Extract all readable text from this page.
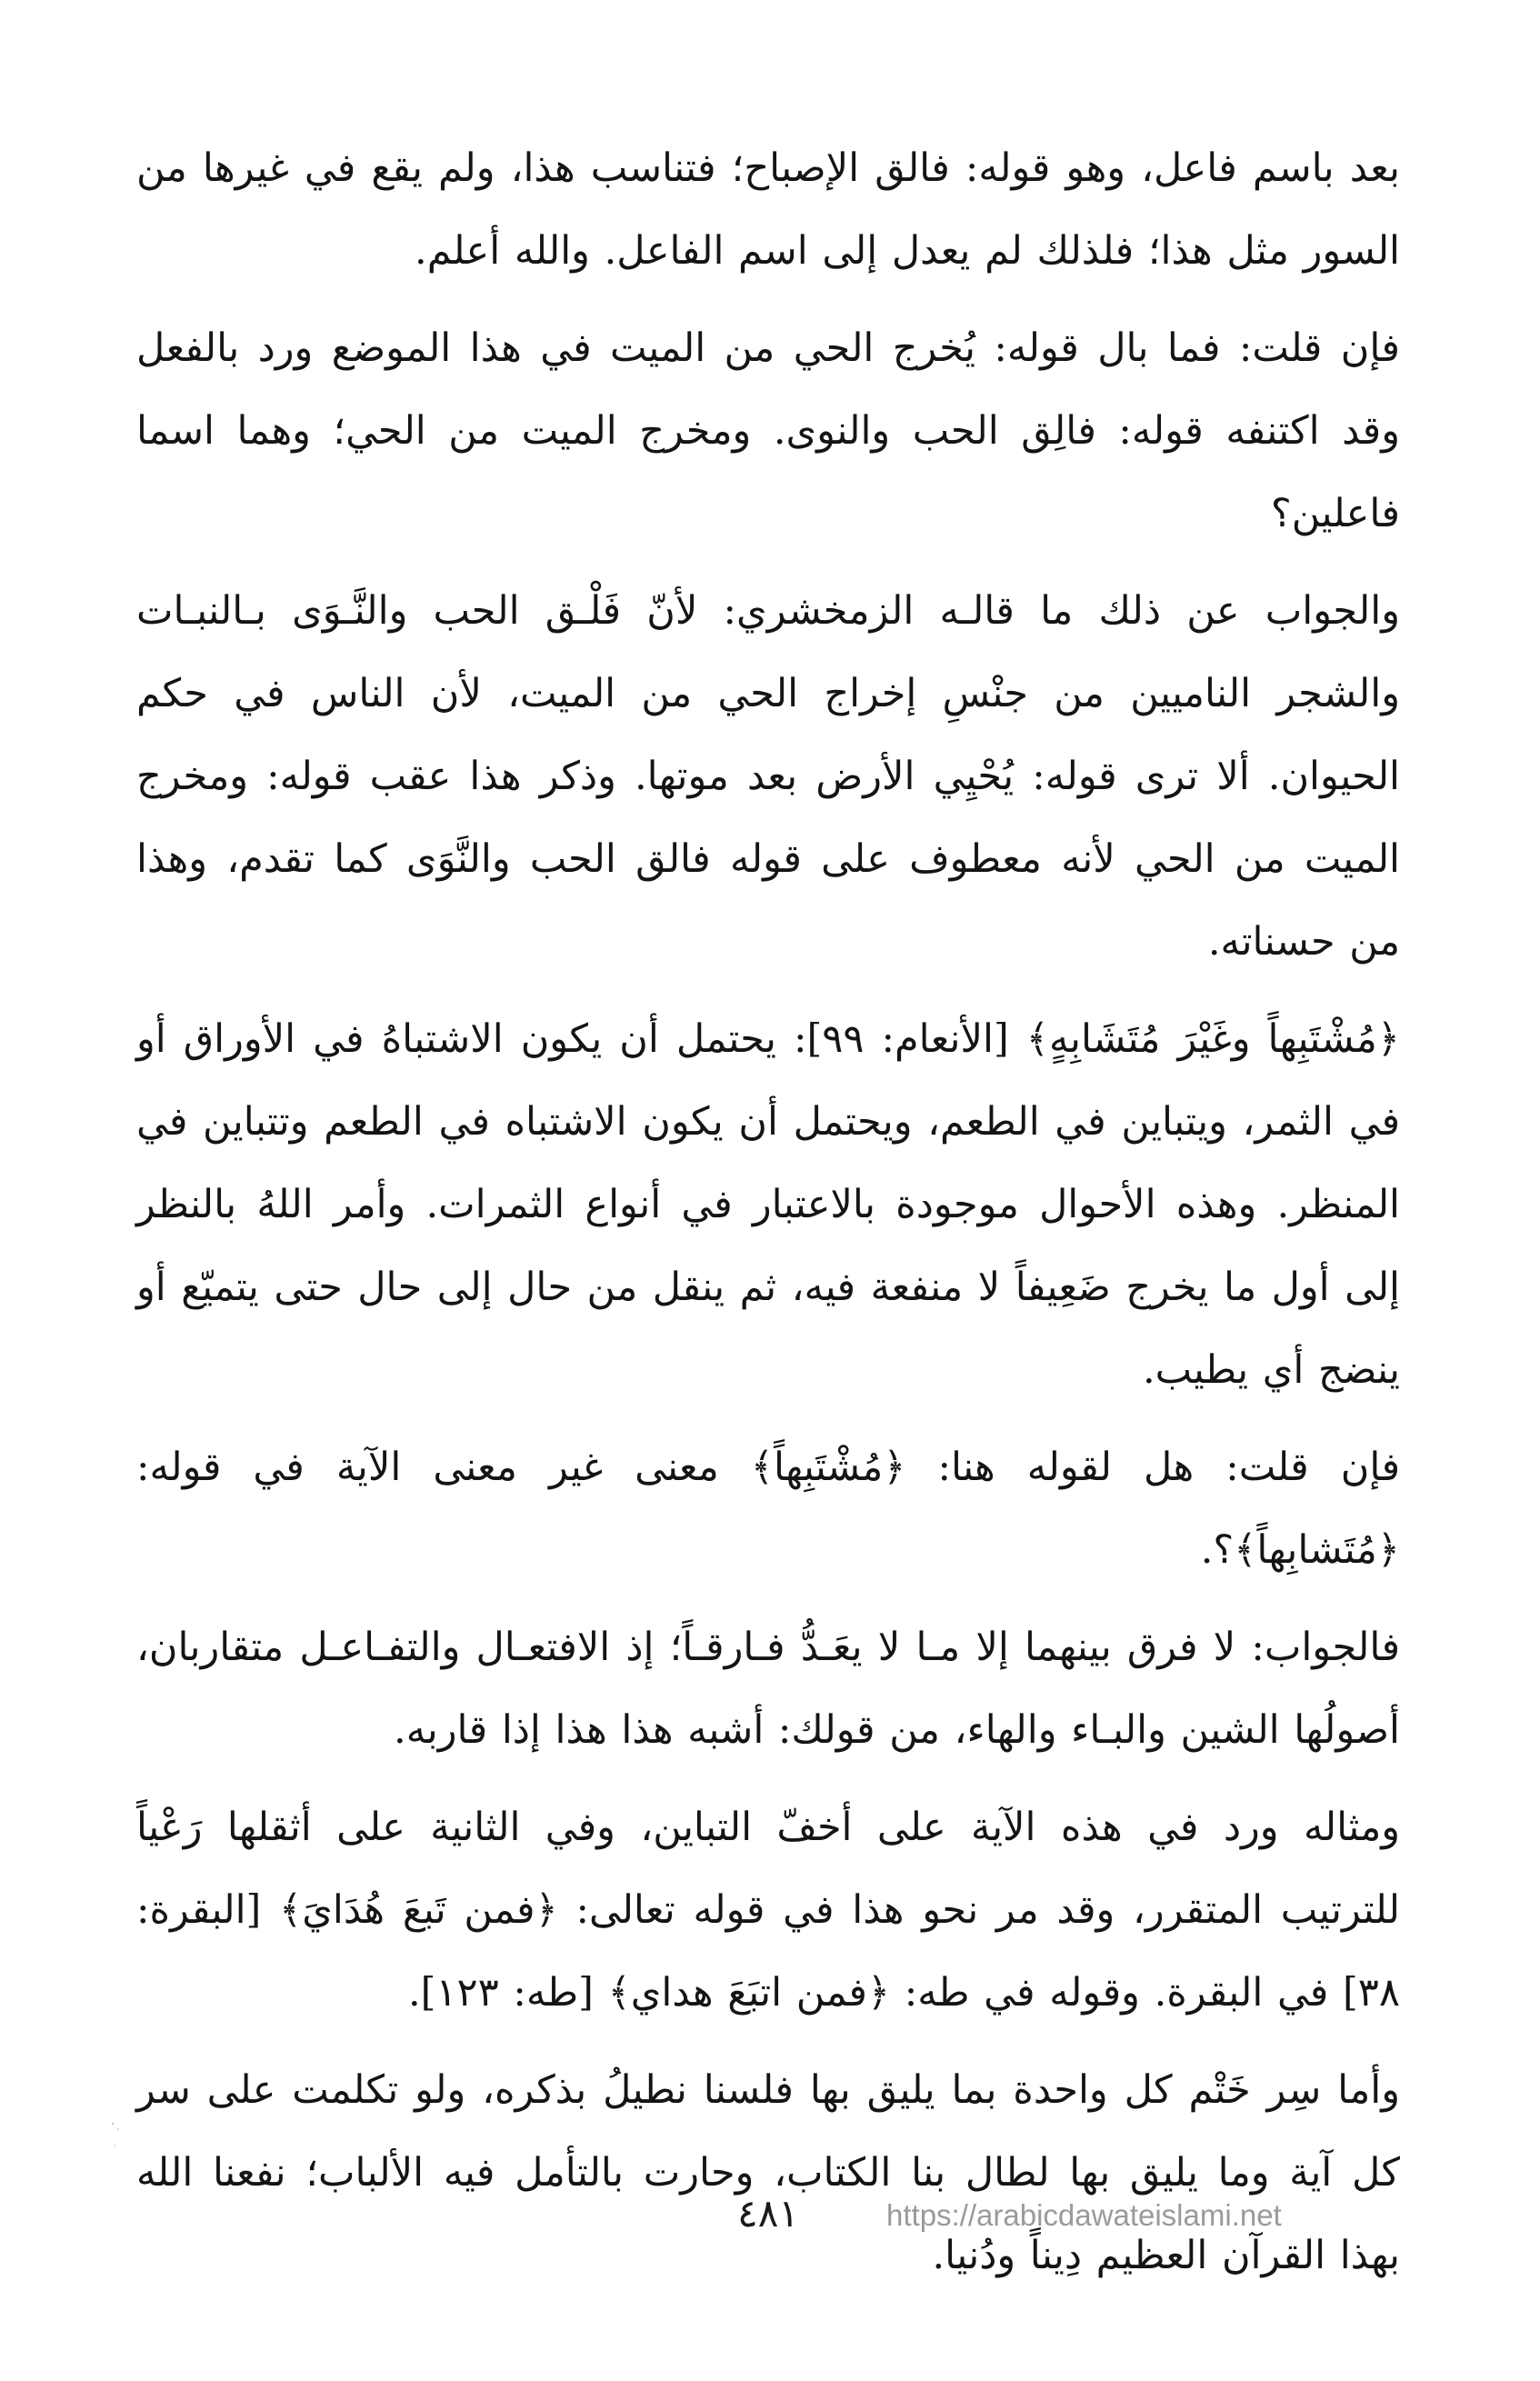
بعد باسم فاعل، وهو قوله: فالق الإصباح؛ فتناسب هذا، ولم يقع في غيرها من السور مثل هذا؛ فلذلك لم يعدل إلى اسم الفاعل. والله أعلم.

فإن قلت: فما بال قوله: يُخرج الحي من الميت في هذا الموضع ورد بالفعل وقد اكتنفه قوله: فالِق الحب والنوى. ومخرج الميت من الحي؛ وهما اسما فاعلين؟

والجواب عن ذلك ما قالـه الزمخشري: لأنّ فَلْـق الحب والنَّـوَى بـالنبـات والشجر الناميين من جنْسِ إخراج الحي من الميت، لأن الناس في حكم الحيوان. ألا ترى قوله: يُحْيِي الأرض بعد موتها. وذكر هذا عقب قوله: ومخرج الميت من الحي لأنه معطوف على قوله فالق الحب والنَّوَى كما تقدم، وهذا من حسناته.

﴿مُشْتَبِهاً وغَيْرَ مُتَشَابِهٍ﴾ [الأنعام: ٩٩]: يحتمل أن يكون الاشتباهُ في الأوراق أو في الثمر، ويتباين في الطعم، ويحتمل أن يكون الاشتباه في الطعم وتتباين في المنظر. وهذه الأحوال موجودة بالاعتبار في أنواع الثمرات. وأمر اللهُ بالنظر إلى أول ما يخرج ضَعِيفاً لا منفعة فيه، ثم ينقل من حال إلى حال حتى يتميّع أو ينضج أي يطيب.

فإن قلت: هل لقوله هنا: ﴿مُشْتَبِهاً﴾ معنى غير معنى الآية في قوله: ﴿مُتَشابِهاً﴾؟.

فالجواب: لا فرق بينهما إلا مـا لا يعَـدُّ فـارقـاً؛ إذ الافتعـال والتفـاعـل متقاربان، أصولُها الشين والبـاء والهاء، من قولك: أشبه هذا هذا إذا قاربه.

ومثاله ورد في هذه الآية على أخفّ التباين، وفي الثانية على أثقلها رَعْياً للترتيب المتقرر، وقد مر نحو هذا في قوله تعالى: ﴿فمن تَبعَ هُدَايَ﴾ [البقرة: ٣٨] في البقرة. وقوله في طه: ﴿فمن اتبَعَ هداي﴾ [طه: ١٢٣].

وأما سِر خَتْم كل واحدة بما يليق بها فلسنا نطيلُ بذكره، ولو تكلمت على سر كل آية وما يليق بها لطال بنا الكتاب، وحارت بالتأمل فيه الألباب؛ نفعنا الله بهذا القرآن العظيم دِيناً ودُنيا.

٤٨١	https://arabicdawateislami.net
